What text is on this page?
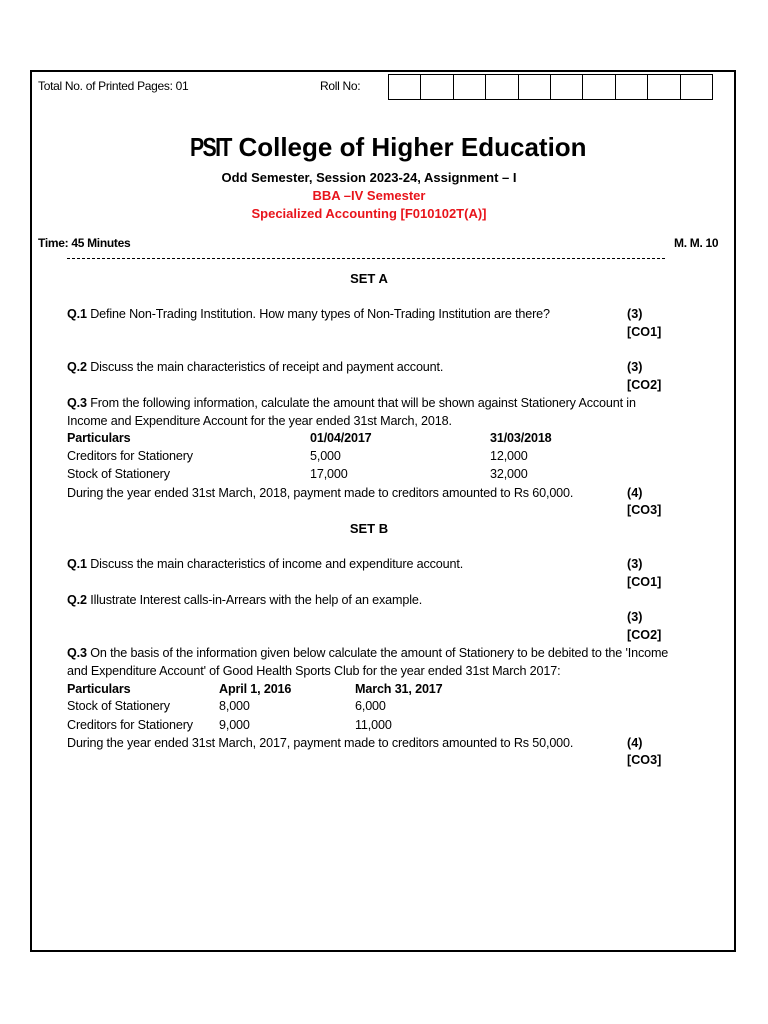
Total No. of Printed Pages: 01	Roll No:
PSIT College of Higher Education
Odd Semester, Session 2023-24, Assignment – I
BBA –IV Semester
Specialized Accounting [F010102T(A)]
Time: 45 Minutes	M. M. 10
SET A
Q.1 Define Non-Trading Institution. How many types of Non-Trading Institution are there?	(3)
[CO1]
Q.2 Discuss the main characteristics of receipt and payment account.	(3)
[CO2]
Q.3 From the following information, calculate the amount that will be shown against Stationery Account in
Income and Expenditure Account for the year ended 31st March, 2018.
Particulars	01/04/2017	31/03/2018
Creditors for Stationery	5,000	12,000
Stock of Stationery	17,000	32,000
During the year ended 31st March, 2018, payment made to creditors amounted to Rs 60,000.	(4)
[CO3]
SET B
Q.1 Discuss the main characteristics of income and expenditure account.	(3)
[CO1]
Q.2 Illustrate Interest calls-in-Arrears with the help of an example.
(3)
[CO2]
Q.3 On the basis of the information given below calculate the amount of Stationery to be debited to the 'Income
and Expenditure Account' of Good Health Sports Club for the year ended 31st March 2017:
Particulars	April 1, 2016	March 31, 2017
Stock of Stationery	8,000	6,000
Creditors for Stationery 9,000	11,000
During the year ended 31st March, 2017, payment made to creditors amounted to Rs 50,000.	(4)
[CO3]
